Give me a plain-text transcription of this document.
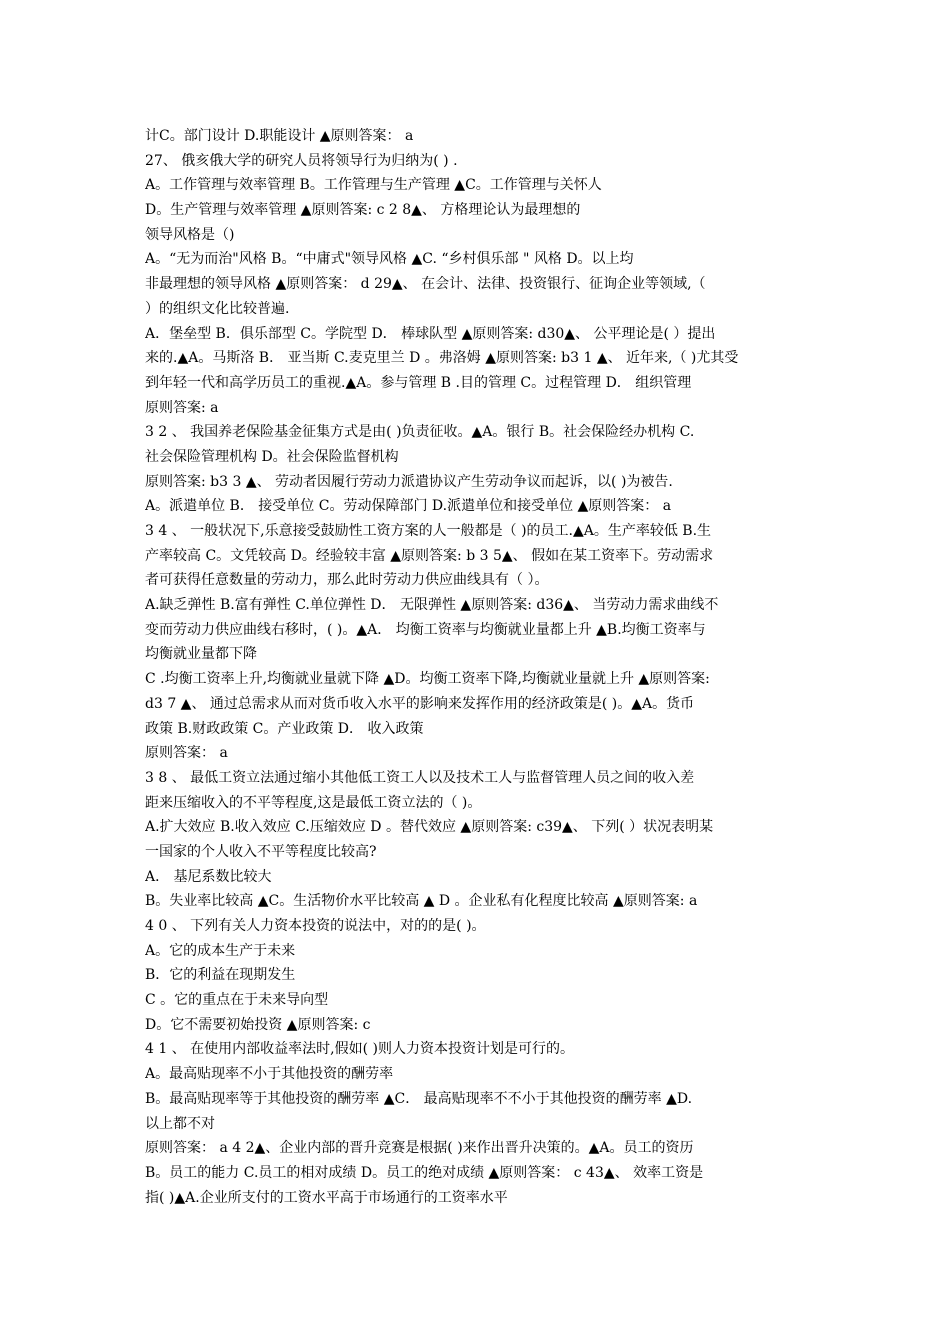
计C。部门设计 D.职能设计 ▲原则答案： a
27、 俄亥俄大学的研究人员将领导行为归纳为( ) .
A。工作管理与效率管理 B。工作管理与生产管理 ▲C。工作管理与关怀人
D。生产管理与效率管理 ▲原则答案: c 2 8▲、 方格理论认为最理想的
领导风格是（)
A。“无为而治"风格 B。“中庸式"领导风格 ▲C. “乡村俱乐部 " 风格 D。以上均
非最理想的领导风格 ▲原则答案： d 29▲、 在会计、法律、投资银行、征询企业等领域,（
）的组织文化比较普遍.
A．堡垒型 B．俱乐部型 C。学院型 D． 棒球队型 ▲原则答案: d30▲、 公平理论是( ）提出
来的.▲A。马斯洛 B． 亚当斯 C.麦克里兰 D 。弗洛姆 ▲原则答案: b3 1 ▲、 近年来,（ )尤其受
到年轻一代和高学历员工的重视.▲A。参与管理 B .目的管理 C。过程管理 D． 组织管理
原则答案: a
3 2 、 我国养老保险基金征集方式是由( )负责征收。▲A。银行 B。社会保险经办机构 C.
社会保险管理机构 D。社会保险监督机构
原则答案: b3 3 ▲、 劳动者因履行劳动力派遣协议产生劳动争议而起诉，以( )为被告.
A。派遣单位 B． 接受单位 C。劳动保障部门 D.派遣单位和接受单位 ▲原则答案： a
3 4 、 一般状况下,乐意接受鼓励性工资方案的人一般都是（ )的员工.▲A。生产率较低 B.生
产率较高 C。文凭较高 D。经验较丰富 ▲原则答案: b 3 5▲、 假如在某工资率下。劳动需求
者可获得任意数量的劳动力，那么此时劳动力供应曲线具有（ ）。
A.缺乏弹性 B.富有弹性 C.单位弹性 D． 无限弹性 ▲原则答案: d36▲、 当劳动力需求曲线不
变而劳动力供应曲线右移时，( )。▲A． 均衡工资率与均衡就业量都上升 ▲B.均衡工资率与
均衡就业量都下降
C .均衡工资率上升,均衡就业量就下降 ▲D。均衡工资率下降,均衡就业量就上升 ▲原则答案:
d3 7 ▲、 通过总需求从而对货币收入水平的影响来发挥作用的经济政策是( )。▲A。货币
政策 B.财政政策 C。产业政策 D． 收入政策
原则答案： a
3 8 、 最低工资立法通过缩小其他低工资工人以及技术工人与监督管理人员之间的收入差
距来压缩收入的不平等程度,这是最低工资立法的（ )。
A.扩大效应 B.收入效应 C.压缩效应 D 。替代效应 ▲原则答案: c39▲、 下列( ）状况表明某
一国家的个人收入不平等程度比较高?
A． 基尼系数比较大
B。失业率比较高 ▲C。生活物价水平比较高 ▲ D 。企业私有化程度比较高 ▲原则答案: a
4 0 、 下列有关人力资本投资的说法中，对的的是( )。
A。它的成本生产于未来
B．它的利益在现期发生
C 。它的重点在于未来导向型
D。它不需要初始投资 ▲原则答案: c
4 1 、 在使用内部收益率法时,假如( )则人力资本投资计划是可行的。
A。最高贴现率不小于其他投资的酬劳率
B。最高贴现率等于其他投资的酬劳率 ▲C． 最高贴现率不不小于其他投资的酬劳率 ▲D.
以上都不对
原则答案： a 4 2▲、企业内部的晋升竞赛是根据( )来作出晋升决策的。▲A。员工的资历
B。员工的能力 C.员工的相对成绩 D。员工的绝对成绩 ▲原则答案： c 43▲、 效率工资是
指( )▲A.企业所支付的工资水平高于市场通行的工资率水平
